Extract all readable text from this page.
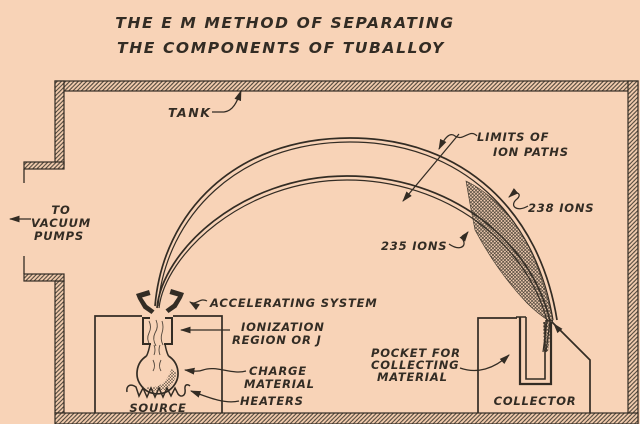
THE E M METHOD OF SEPARATING
THE COMPONENTS OF TUBALLOY
TANK
TO
VACUUM
PUMPS
LIMITS OF
ION PATHS
238 IONS
235 IONS
ACCELERATING SYSTEM
IONIZATION
REGION OR J
CHARGE
MATERIAL
HEATERS
SOURCE
POCKET FOR
COLLECTING
MATERIAL
COLLECTOR
